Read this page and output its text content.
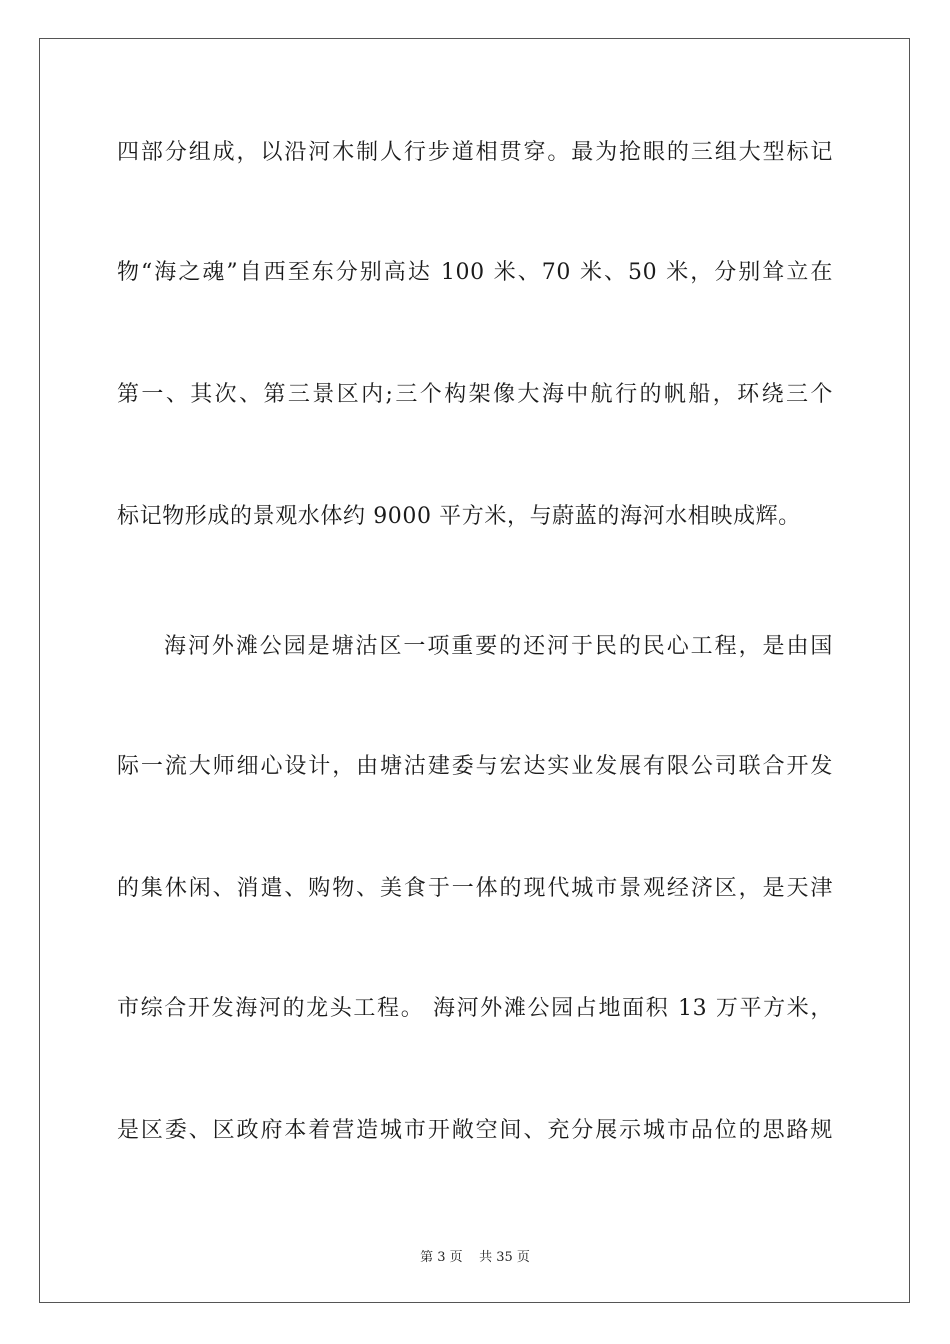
四部分组成，以沿河木制人行步道相贯穿。最为抢眼的三组大型标记
物“海之魂”自西至东分别高达 100 米、70 米、50 米，分别耸立在
第一、其次、第三景区内;三个构架像大海中航行的帆船，环绕三个
标记物形成的景观水体约 9000 平方米，与蔚蓝的海河水相映成辉。
海河外滩公园是塘沽区一项重要的还河于民的民心工程，是由国
际一流大师细心设计，由塘沽建委与宏达实业发展有限公司联合开发
的集休闲、消遣、购物、美食于一体的现代城市景观经济区，是天津
市综合开发海河的龙头工程。 海河外滩公园占地面积 13 万平方米，
是区委、区政府本着营造城市开敞空间、充分展示城市品位的思路规
第 3 页    共 35 页
